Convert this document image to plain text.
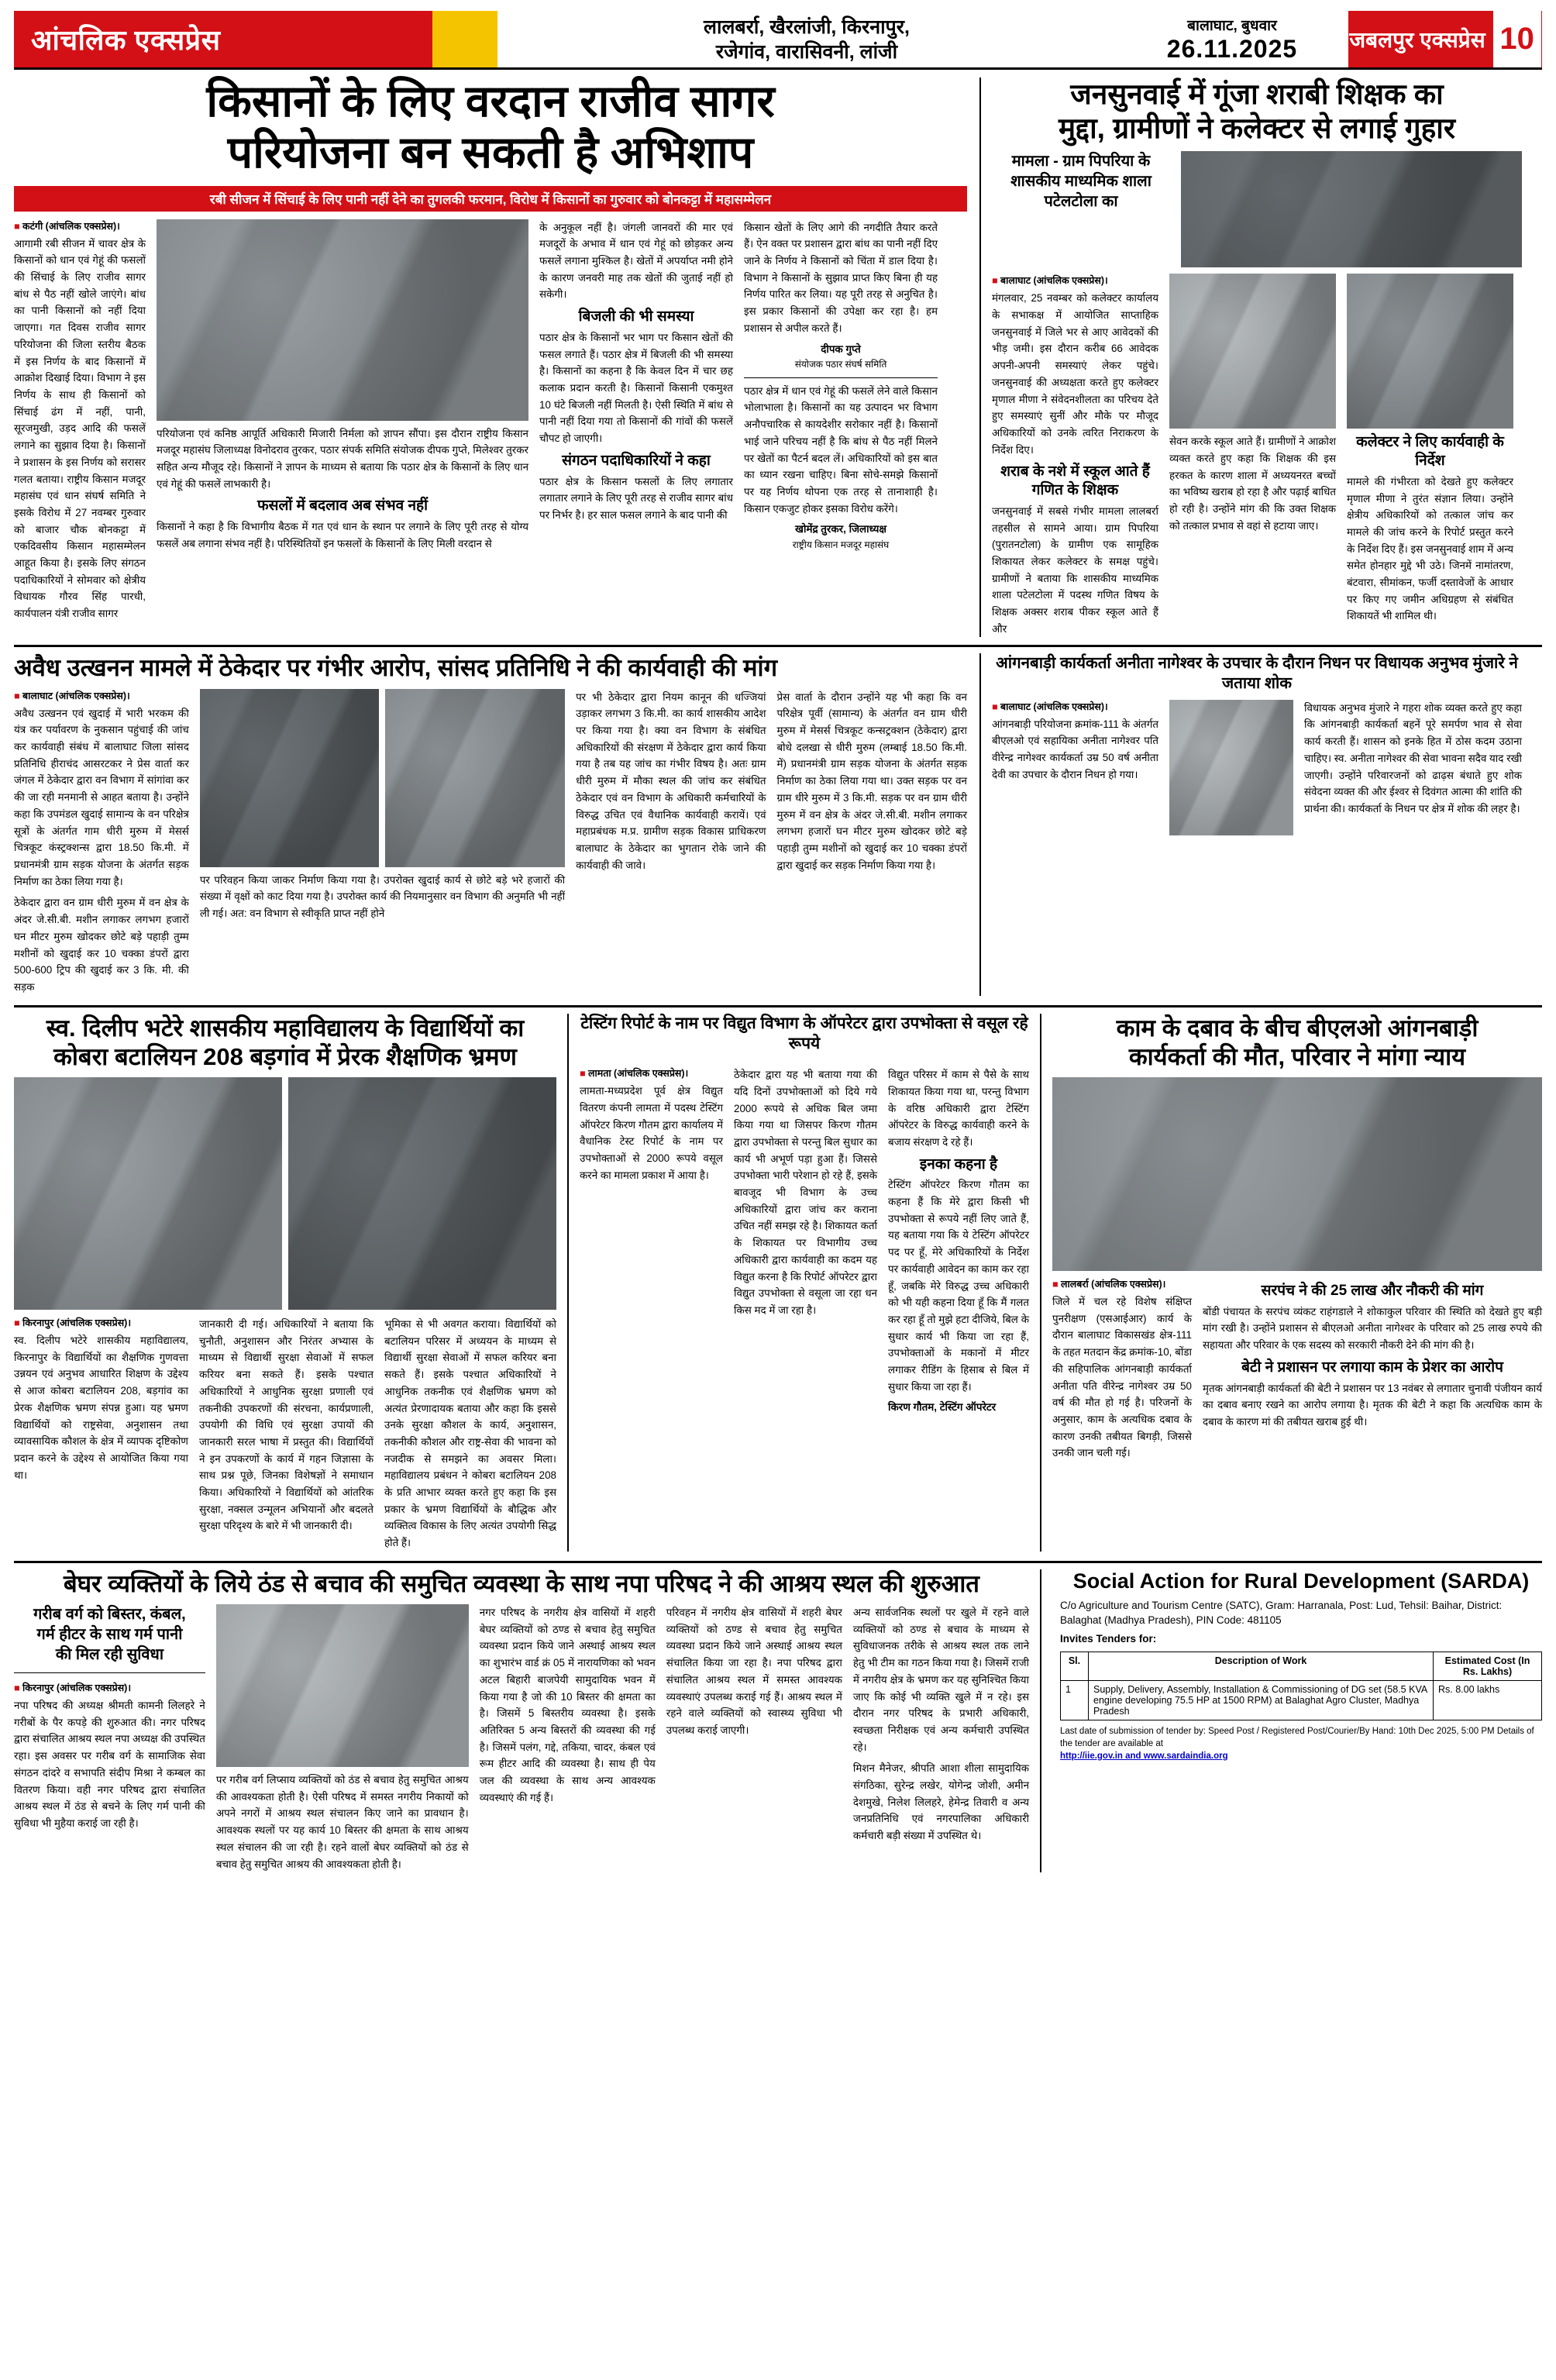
आंचलिक एक्सप्रेस	लालबर्रा, खैरलांजी, किरनापुर,
रजेगांव, वारासिवनी, लांजी
बालाघाट, बुधवार
26.11.2025	जबलपुर एक्सप्रेस 10
किसानों के लिए वरदान राजीव सागर
परियोजना बन सकती है अभिशाप
रबी सीजन में सिंचाई के लिए पानी नहीं देने का तुगलकी फरमान, विरोध में किसानों का गुरुवार को बोनकट्टा में महासम्मेलन
■ कटंगी (आंचलिक एक्सप्रेस)।
आगामी रबी सीजन में चावर क्षेत्र के किसानों को धान एवं गेहूं की फसलों की सिंचाई के लिए राजीव सागर बांध से पैठ नहीं खोले जाएंगे। बांध का पानी किसानों को नहीं दिया जाएगा। गत दिवस राजीव सागर परियोजना की जिला स्तरीय बैठक में इस निर्णय के बाद किसानों में आक्रोश दिखाई दिया। विभाग ने इस निर्णय के साथ ही किसानों को सिंचाई ढंग में नहीं, पानी, सूरजमुखी, उड़द आदि की फसलें लगाने का सुझाव दिया है। किसानों ने प्रशासन के इस निर्णय को सरासर गलत बताया। राष्ट्रीय किसान मजदूर महासंघ एवं धान संघर्ष समिति ने इसके विरोध में 27 नवम्बर गुरुवार को बाजार चौक बोनकट्टा में एकदिवसीय किसान महासम्मेलन आहूत किया है। इसके लिए संगठन पदाधिकारियों ने सोमवार को क्षेत्रीय विधायक गौरव सिंह पारधी, कार्यपालन यंत्री राजीव सागर
परियोजना एवं कनिष्ठ आपूर्ति अधिकारी मिजारी निर्मला को ज्ञापन सौंपा। इस दौरान राष्ट्रीय किसान मजदूर महासंघ जिलाध्यक्ष विनोदराव तुरकर, पठार संपर्क समिति संयोजक दीपक गुप्ते, मिलेश्वर तुरकर सहित अन्य मौजूद रहे। किसानों ने ज्ञापन के माध्यम से बताया कि पठार क्षेत्र के किसानों के लिए धान एवं गेहूं की फसलें लाभकारी है।
फसलों में बदलाव अब संभव नहीं
किसानों ने कहा है कि विभागीय बैठक में गत एवं धान के स्थान पर लगाने के लिए पूरी तरह से योग्य फसलें अब लगाना संभव नहीं है। परिस्थितियों इन फसलों के किसानों के लिए मिली वरदान से
के अनुकूल नहीं है। जंगली जानवरों की मार एवं मजदूरों के अभाव में धान एवं गेहूं को छोड़कर अन्य फसलें लगाना मुश्किल है। खेतों में अपर्याप्त नमी होने के कारण जनवरी माह तक खेतों की जुताई नहीं हो सकेगी।
बिजली की भी समस्या
पठार क्षेत्र के किसानों भर भाग पर किसान खेतों की फसल लगाते हैं। पठार क्षेत्र में बिजली की भी समस्या है। किसानों का कहना है कि केवल दिन में चार छह कलाक प्रदान करती है। किसानों किसानी एकमुश्त 10 घंटे बिजली नहीं मिलती है। ऐसी स्थिति में बांध से पानी नहीं दिया गया तो किसानों की गांवों की फसलें चौपट हो जाएगी।
संगठन पदाधिकारियों ने कहा
पठार क्षेत्र के किसान फसलों के लिए लगातार लगातार लगाने के लिए पूरी तरह से राजीव सागर बांध पर निर्भर है। हर साल फसल लगाने के बाद पानी की
किसान खेतों के लिए आगे की नगदीति तैयार करते हैं। ऐन वक्त पर प्रशासन द्वारा बांध का पानी नहीं दिए जाने के निर्णय ने किसानों को चिंता में डाल दिया है। विभाग ने किसानों के सुझाव प्राप्त किए बिना ही यह निर्णय पारित कर लिया। यह पूरी तरह से अनुचित है। इस प्रकार किसानों की उपेक्षा कर रहा है। हम प्रशासन से अपील करते हैं।
दीपक गुप्ते
संयोजक पठार संघर्ष समिति
पठार क्षेत्र में धान एवं गेहूं की फसलें लेने वाले किसान भोलाभाला है। किसानों का यह उत्पादन भर विभाग अनौपचारिक से कायदेशीर सरोकार नहीं है। किसानों भाई जाने परिचय नहीं है कि बांध से पैठ नहीं मिलने पर खेतों का पैटर्न बदल लें। अधिकारियों को इस बात का ध्यान रखना चाहिए। बिना सोचे-समझे किसानों पर यह निर्णय थोपना एक तरह से तानाशाही है। किसान एकजुट होकर इसका विरोध करेंगे।
खोमेंद्र तुरकर, जिलाध्यक्ष
राष्ट्रीय किसान मजदूर महासंघ
जनसुनवाई में गूंजा शराबी शिक्षक का
मुद्दा, ग्रामीणों ने कलेक्टर से लगाई गुहार
मामला - ग्राम पिपरिया के शासकीय माध्यमिक शाला पटेलटोला का
■ बालाघाट (आंचलिक एक्सप्रेस)।
मंगलवार, 25 नवम्बर को कलेक्टर कार्यालय के सभाकक्ष में आयोजित साप्ताहिक जनसुनवाई में जिले भर से आए आवेदकों की भीड़ जमी। इस दौरान करीब 66 आवेदक अपनी-अपनी समस्याएं लेकर पहुंचे। जनसुनवाई की अध्यक्षता करते हुए कलेक्टर मृणाल मीणा ने संवेदनशीलता का परिचय देते हुए समस्याएं सुनीं और मौके पर मौजूद अधिकारियों को उनके त्वरित निराकरण के निर्देश दिए।
शराब के नशे में स्कूल आते हैं गणित के शिक्षक
जनसुनवाई में सबसे गंभीर मामला लालबर्रा तहसील से सामने आया। ग्राम पिपरिया (पुरातनटोला) के ग्रामीण एक सामूहिक शिकायत लेकर कलेक्टर के समक्ष पहुंचे। ग्रामीणों ने बताया कि शासकीय माध्यमिक शाला पटेलटोला में पदस्थ गणित विषय के शिक्षक अक्सर शराब पीकर स्कूल आते हैं और
सेवन करके स्कूल आते हैं। ग्रामीणों ने आक्रोश व्यक्त करते हुए कहा कि शिक्षक की इस हरकत के कारण शाला में अध्ययनरत बच्चों का भविष्य खराब हो रहा है और पढ़ाई बाधित हो रही है। उन्होंने मांग की कि उक्त शिक्षक को तत्काल प्रभाव से वहां से हटाया जाए।
कलेक्टर ने लिए कार्यवाही के निर्देश
मामले की गंभीरता को देखते हुए कलेक्टर मृणाल मीणा ने तुरंत संज्ञान लिया। उन्होंने क्षेत्रीय अधिकारियों को तत्काल जांच कर मामले की जांच करने के रिपोर्ट प्रस्तुत करने के निर्देश दिए हैं। इस जनसुनवाई शाम में अन्य समेत होनहार मुद्दे भी उठे। जिनमें नामांतरण, बंटवारा, सीमांकन, फर्जी दस्तावेजों के आधार पर किए गए जमीन अधिग्रहण से संबंधित शिकायतें भी शामिल थी।
अवैध उत्खनन मामले में ठेकेदार पर गंभीर आरोप, सांसद प्रतिनिधि ने की कार्यवाही की मांग
■ बालाघाट (आंचलिक एक्सप्रेस)।
अवैध उत्खनन एवं खुदाई में भारी भरकम की यंत्र कर पर्यावरण के नुकसान पहुंचाई की जांच कर कार्यवाही संबंध में बालाघाट जिला सांसद प्रतिनिधि हीराचंद आसरटकर ने प्रेस वार्ता कर जंगल में ठेकेदार द्वारा वन विभाग में सांगांवा कर की जा रही मनमानी से आहत बताया है। उन्होंने कहा कि उपमंडल खुदाई सामान्य के वन परिक्षेत्र सूत्रों के अंतर्गत गाम धीरी मुरुम में मेसर्स चित्रकूट कंस्ट्रक्शन्स द्वारा 18.50 कि.मी. में प्रधानमंत्री ग्राम सड़क योजना के अंतर्गत सड़क निर्माण का ठेका लिया गया है।
ठेकेदार द्वारा वन ग्राम धीरी मुरुम में वन क्षेत्र के अंदर जे.सी.बी. मशीन लगाकर लगभग हजारों घन मीटर मुरुम खोदकर छोटे बड़े पहाड़ी तुम्म मशीनों को खुदाई कर 10 चक्का डंपरों द्वारा 500-600 ट्रिप की खुदाई कर 3 कि. मी. की सड़क
पर परिवहन किया जाकर निर्माण किया गया है। उपरोक्त खुदाई कार्य से छोटे बड़े भरे हजारों की संख्या में वृक्षों को काट दिया गया है। उपरोक्त कार्य की नियमानुसार वन विभाग की अनुमति भी नहीं ली गई। अत: वन विभाग से स्वीकृति प्राप्त नहीं होने
पर भी ठेकेदार द्वारा नियम कानून की धज्जियां उड़ाकर लगभग 3 कि.मी. का कार्य शासकीय आदेश पर किया गया है। क्या वन विभाग के संबंधित अधिकारियों की संरक्षण में ठेकेदार द्वारा कार्य किया गया है तब यह जांच का गंभीर विषय है। अतः ग्राम धीरी मुरुम में मौका स्थल की जांच कर संबंधित ठेकेदार एवं वन विभाग के अधिकारी कर्मचारियों के विरुद्ध उचित एवं वैधानिक कार्यवाही करायें। एवं महाप्रबंधक म.प्र. ग्रामीण सड़क विकास प्राधिकरण बालाघाट के ठेकेदार का भुगतान रोके जाने की कार्यवाही की जावे।
प्रेस वार्ता के दौरान उन्होंने यह भी कहा कि वन परिक्षेत्र पूर्वी (सामान्य) के अंतर्गत वन ग्राम धीरी मुरुम में मेसर्स चित्रकूट कन्सट्रक्शन (ठेकेदार) द्वारा बोधे दलखा से धीरी मुरुम (लम्बाई 18.50 कि.मी. में) प्रधानमंत्री ग्राम सड़क योजना के अंतर्गत सड़क निर्माण का ठेका लिया गया था। उक्त सड़क पर वन ग्राम धीरे मुरुम में 3 कि.मी. सड़क पर वन ग्राम धीरी मुरुम में वन क्षेत्र के अंदर जे.सी.बी. मशीन लगाकर लगभग हजारों घन मीटर मुरुम खोदकर छोटे बड़े पहाड़ी तुम्म मशीनों को खुदाई कर 10 चक्का डंपरों द्वारा खुदाई कर सड़क निर्माण किया गया है।
आंगनबाड़ी कार्यकर्ता अनीता नागेश्वर के उपचार के दौरान निधन पर विधायक अनुभव मुंजारे ने जताया शोक
■ बालाघाट (आंचलिक एक्सप्रेस)।
आंगनबाड़ी परियोजना क्रमांक-111 के अंतर्गत बीएलओ एवं सहायिका अनीता नागेश्वर पति वीरेन्द्र नागेश्वर कार्यकर्ता उम्र 50 वर्ष अनीता देवी का उपचार के दौरान निधन हो गया।
विधायक अनुभव मुंजारे ने गहरा शोक व्यक्त करते हुए कहा कि आंगनबाड़ी कार्यकर्ता बहनें पूरे समर्पण भाव से सेवा कार्य करती हैं। शासन को इनके हित में ठोस कदम उठाना चाहिए। स्व. अनीता नागेश्वर की सेवा भावना सदैव याद रखी जाएगी। उन्होंने परिवारजनों को ढाढ़स बंधाते हुए शोक संवेदना व्यक्त की और ईश्वर से दिवंगत आत्मा की शांति की प्रार्थना की। कार्यकर्ता के निधन पर क्षेत्र में शोक की लहर है।
स्व. दिलीप भटेरे शासकीय महाविद्यालय के विद्यार्थियों का
कोबरा बटालियन 208 बड़गांव में प्रेरक शैक्षणिक भ्रमण
■ किरनापुर (आंचलिक एक्सप्रेस)।
स्व. दिलीप भटेरे शासकीय महाविद्यालय, किरनापुर के विद्यार्थियों का शैक्षणिक गुणवत्ता उन्नयन एवं अनुभव आधारित शिक्षण के उद्देश्य से आज कोबरा बटालियन 208, बड़गांव का प्रेरक शैक्षणिक भ्रमण संपन्न हुआ। यह भ्रमण विद्यार्थियों को राष्ट्रसेवा, अनुशासन तथा व्यावसायिक कौशल के क्षेत्र में व्यापक दृष्टिकोण प्रदान करने के उद्देश्य से आयोजित किया गया था।
जानकारी दी गई। अधिकारियों ने बताया कि चुनौती, अनुशासन और निरंतर अभ्यास के माध्यम से विद्यार्थी सुरक्षा सेवाओं में सफल करियर बना सकते हैं। इसके पश्चात अधिकारियों ने आधुनिक सुरक्षा प्रणाली एवं तकनीकी उपकरणों की संरचना, कार्यप्रणाली, उपयोगी की विधि एवं सुरक्षा उपायों की जानकारी सरल भाषा में प्रस्तुत की। विद्यार्थियों ने इन उपकरणों के कार्य में गहन जिज्ञासा के साथ प्रश्न पूछे, जिनका विशेषज्ञों ने समाधान किया। अधिकारियों ने विद्यार्थियों को आंतरिक सुरक्षा, नक्सल उन्मूलन अभियानों और बदलते सुरक्षा परिदृश्य के बारे में भी जानकारी दी।
भूमिका से भी अवगत कराया। विद्यार्थियों को बटालियन परिसर में अध्ययन के माध्यम से विद्यार्थी सुरक्षा सेवाओं में सफल करियर बना सकते हैं। इसके पश्चात अधिकारियों ने आधुनिक तकनीक एवं शैक्षणिक भ्रमण को अत्यंत प्रेरणादायक बताया और कहा कि इससे उनके सुरक्षा कौशल के कार्य, अनुशासन, तकनीकी कौशल और राष्ट्र-सेवा की भावना को नजदीक से समझने का अवसर मिला। महाविद्यालय प्रबंधन ने कोबरा बटालियन 208 के प्रति आभार व्यक्त करते हुए कहा कि इस प्रकार के भ्रमण विद्यार्थियों के बौद्धिक और व्यक्तित्व विकास के लिए अत्यंत उपयोगी सिद्ध होते हैं।
टेस्टिंग रिपोर्ट के नाम पर विद्युत विभाग के ऑपरेटर द्वारा उपभोक्ता से वसूल रहे रूपये
■ लामता (आंचलिक एक्सप्रेस)।
लामता-मध्यप्रदेश पूर्व क्षेत्र विद्युत वितरण कंपनी लामता में पदस्थ टेस्टिंग ऑपरेटर किरण गौतम द्वारा कार्यालय में वैधानिक टेस्ट रिपोर्ट के नाम पर उपभोक्ताओं से 2000 रूपये वसूल करने का मामला प्रकाश में आया है।
ठेकेदार द्वारा यह भी बताया गया की यदि दिनों उपभोक्ताओं को दिये गये 2000 रूपये से अधिक बिल जमा किया गया था जिसपर किरण गौतम द्वारा उपभोक्ता से परन्तु बिल सुधार का कार्य भी अभूर्ण पड़ा हुआ हैं। जिससे उपभोक्ता भारी परेशान हो रहे हैं, इसके बावजूद भी विभाग के उच्च अधिकारियों द्वारा जांच कर कराना उचित नहीं समझ रहे है। शिकायत कर्ता के शिकायत पर विभागीय उच्च अधिकारी द्वारा कार्यवाही का कदम यह विद्युत करना है कि रिपोर्ट ऑपरेटर द्वारा विद्युत उपभोक्ता से वसूला जा रहा धन किस मद में जा रहा है।
विद्युत परिसर में काम से पैसे के साथ शिकायत किया गया था, परन्तु विभाग के वरिष्ठ अधिकारी द्वारा टेस्टिंग ऑपरेटर के विरुद्ध कार्यवाही करने के बजाय संरक्षण दे रहे हैं।
इनका कहना है
टेस्टिंग ऑपरेटर किरण गौतम का कहना हैं कि मेरे द्वारा किसी भी उपभोक्ता से रूपये नहीं लिए जाते हैं, यह बताया गया कि ये टेस्टिंग ऑपरेटर पद पर हूँ, मेरे अधिकारियों के निर्देश पर कार्यवाही आवेदन का काम कर रहा हूँ, जबकि मेरे विरुद्ध उच्च अधिकारी को भी यही कहना दिया हूँ कि मैं गलत कर रहा हूँ तो मुझे हटा दीजिये, बिल के सुधार कार्य भी किया जा रहा हैं, उपभोक्ताओं के मकानों में मीटर लगाकर रीडिंग के हिसाब से बिल में सुधार किया जा रहा हैं।
किरण गौतम, टेस्टिंग ऑपरेटर
काम के दबाव के बीच बीएलओ आंगनबाड़ी
कार्यकर्ता की मौत, परिवार ने मांगा न्याय
■ लालबर्रा (आंचलिक एक्सप्रेस)।
जिले में चल रहे विशेष संक्षिप्त पुनरीक्षण (एसआईआर) कार्य के दौरान बालाघाट विकासखंड क्षेत्र-111 के तहत मतदान केंद्र क्रमांक-10, बोंडा की सहिपालिक आंगनबाड़ी कार्यकर्ता अनीता पति वीरेन्द्र नागेश्वर उम्र 50 वर्ष की मौत हो गई है। परिजनों के अनुसार, काम के अत्यधिक दबाव के कारण उनकी तबीयत बिगड़ी, जिससे उनकी जान चली गई।
सरपंच ने की 25 लाख और नौकरी की मांग
बोंडी पंचायत के सरपंच व्यंकट राहंगडाले ने शोकाकुल परिवार की स्थिति को देखते हुए बड़ी मांग रखी है। उन्होंने प्रशासन से बीएलओ अनीता नागेश्वर के परिवार को 25 लाख रुपये की सहायता और परिवार के एक सदस्य को सरकारी नौकरी देने की मांग की है।
बेटी ने प्रशासन पर लगाया काम के प्रेशर का आरोप
मृतक आंगनबाड़ी कार्यकर्ता की बेटी ने प्रशासन पर 13 नवंबर से लगातार चुनावी पंजीयन कार्य का दबाव बनाए रखने का आरोप लगाया है। मृतक की बेटी ने कहा कि अत्यधिक काम के दबाव के कारण मां की तबीयत खराब हुई थी।
बेघर व्यक्तियों के लिये ठंड से बचाव की समुचित व्यवस्था के साथ नपा परिषद ने की आश्रय स्थल की शुरुआत
गरीब वर्ग को बिस्तर, कंबल,
गर्म हीटर के साथ गर्म पानी
की मिल रही सुविधा
■ किरनापुर (आंचलिक एक्सप्रेस)।
नपा परिषद की अध्यक्ष श्रीमती कामनी लिलहरे ने गरीबों के पैर कपड़े की शुरुआत की। नगर परिषद द्वारा संचालित आश्रय स्थल नपा अध्यक्ष की उपस्थित रहा। इस अवसर पर गरीब वर्ग के सामाजिक सेवा संगठन दांदरे व सभापति संदीप मिश्रा ने कम्बल का वितरण किया। वही नगर परिषद द्वारा संचालित आश्रय स्थल में ठंड से बचने के लिए गर्म पानी की सुविधा भी मुहैया कराई जा रही है।
पर गरीब वर्ग लिप्साय व्यक्तियों को ठंड से बचाव हेतु समुचित आश्रय की आवश्यकता होती है। ऐसी परिषद में समस्त नगरीय निकायों को अपने नगरों में आश्रय स्थल संचालन किए जाने का प्रावधान है। आवश्यक स्थलों पर यह कार्य 10 बिस्तर की क्षमता के साथ आश्रय स्थल संचालन की जा रही है। रहने वालों बेघर व्यक्तियों को ठंड से बचाव हेतु समुचित आश्रय की आवश्यकता होती है।
नगर परिषद के नगरीय क्षेत्र वासियों में शहरी बेघर व्यक्तियों को ठण्ड से बचाव हेतु समुचित व्यवस्था प्रदान किये जाने अस्थाई आश्रय स्थल का शुभारंभ वार्ड क्रं 05 में नारायणिका को भवन अटल बिहारी बाजपेयी सामुदायिक भवन में किया गया है जो की 10 बिस्तर की क्षमता का है। जिसमें 5 बिस्तरीय व्यवस्था है। इसके अतिरिक्त 5 अन्य बिस्तरों की व्यवस्था की गई है। जिसमें पलंग, गद्दे, तकिया, चादर, कंबल एवं रूम हीटर आदि की व्यवस्था है। साथ ही पेय जल की व्यवस्था के साथ अन्य आवश्यक व्यवस्थाएं की गई हैं।
परिवहन में नगरीय क्षेत्र वासियों में शहरी बेघर व्यक्तियों को ठण्ड से बचाव हेतु समुचित व्यवस्था प्रदान किये जाने अस्थाई आश्रय स्थल संचालित किया जा रहा है। नपा परिषद द्वारा संचालित आश्रय स्थल में समस्त आवश्यक व्यवस्थाएं उपलब्ध कराई गई हैं। आश्रय स्थल में रहने वाले व्यक्तियों को स्वास्थ्य सुविधा भी उपलब्ध कराई जाएगी।
अन्य सार्वजनिक स्थलों पर खुले में रहने वाले व्यक्तियों को ठण्ड से बचाव के माध्यम से सुविधाजनक तरीके से आश्रय स्थल तक लाने हेतु भी टीम का गठन किया गया है। जिसमें राजी में नगरीय क्षेत्र के भ्रमण कर यह सुनिश्चित किया जाए कि कोई भी व्यक्ति खुले में न रहे। इस दौरान नगर परिषद के प्रभारी अधिकारी, स्वच्छता निरीक्षक एवं अन्य कर्मचारी उपस्थित रहे।
मिशन मैनेजर, श्रीपति आशा शीला सामुदायिक संगठिका, सुरेन्द्र लखेर, योगेन्द्र जोशी, अमीन देशमुखे, निलेश लिलहरे, हेमेन्द्र तिवारी व अन्य जनप्रतिनिधि एवं नगरपालिका अधिकारी कर्मचारी बड़ी संख्या में उपस्थित थे।
Social Action for Rural Development (SARDA)
C/o Agriculture and Tourism Centre (SATC), Gram: Harranala, Post: Lud, Tehsil: Baihar, District: Balaghat (Madhya Pradesh), PIN Code: 481105
Invites Tenders for:
Sl.	Description of Work	Estimated Cost (In Rs. Lakhs)
1	Supply, Delivery, Assembly, Installation & Commissioning of DG set (58.5 KVA engine developing 75.5 HP at 1500 RPM) at Balaghat Agro Cluster, Madhya Pradesh	Rs. 8.00 lakhs
Last date of submission of tender by: Speed Post / Registered Post/Courier/By Hand: 10th Dec 2025, 5:00 PM Details of the tender are available at
http://iie.gov.in and www.sardaindia.org
